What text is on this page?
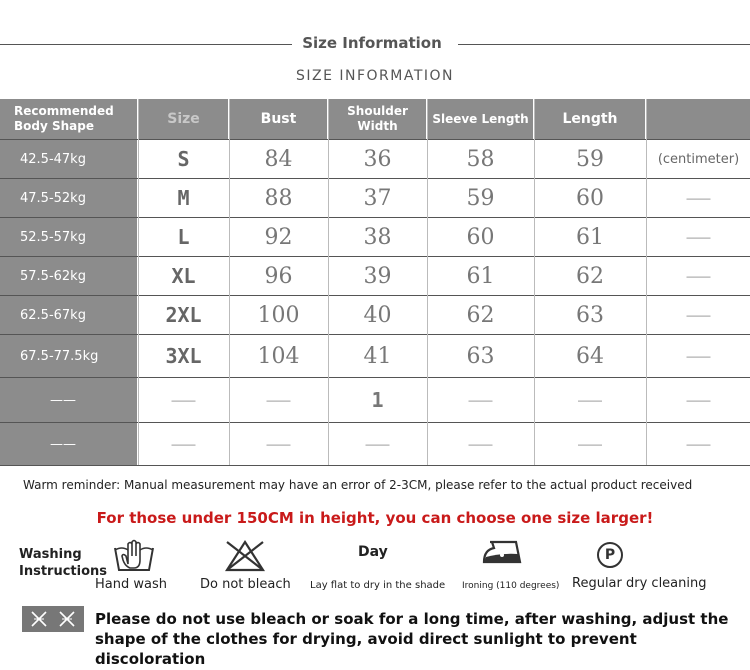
Size Information
SIZE INFORMATION
Recommended Body Shape	Size	Bust	Shoulder Width	Sleeve Length	Length
42.5-47kg	S	84	36	58	59	(centimeter)
47.5-52kg	M	88	37	59	60	——
52.5-57kg	L	92	38	60	61	——
57.5-62kg	XL	96	39	61	62	——
62.5-67kg	2XL	100	40	62	63	——
67.5-77.5kg	3XL	104	41	63	64	——
——	——	——	1	——	——	——
——	——	——	——	——	——	——
Warm reminder: Manual measurement may have an error of 2-3CM, please refer to the actual product received
For those under 150CM in height, you can choose one size larger!
Washing
Instructions
Hand wash	Do not bleach
Day
Lay flat to dry in the shade Ironing (110 degrees)
P
Regular dry cleaning
Please do not use bleach or soak for a long time, after washing, adjust the shape of the clothes for drying, avoid direct sunlight to prevent discoloration
